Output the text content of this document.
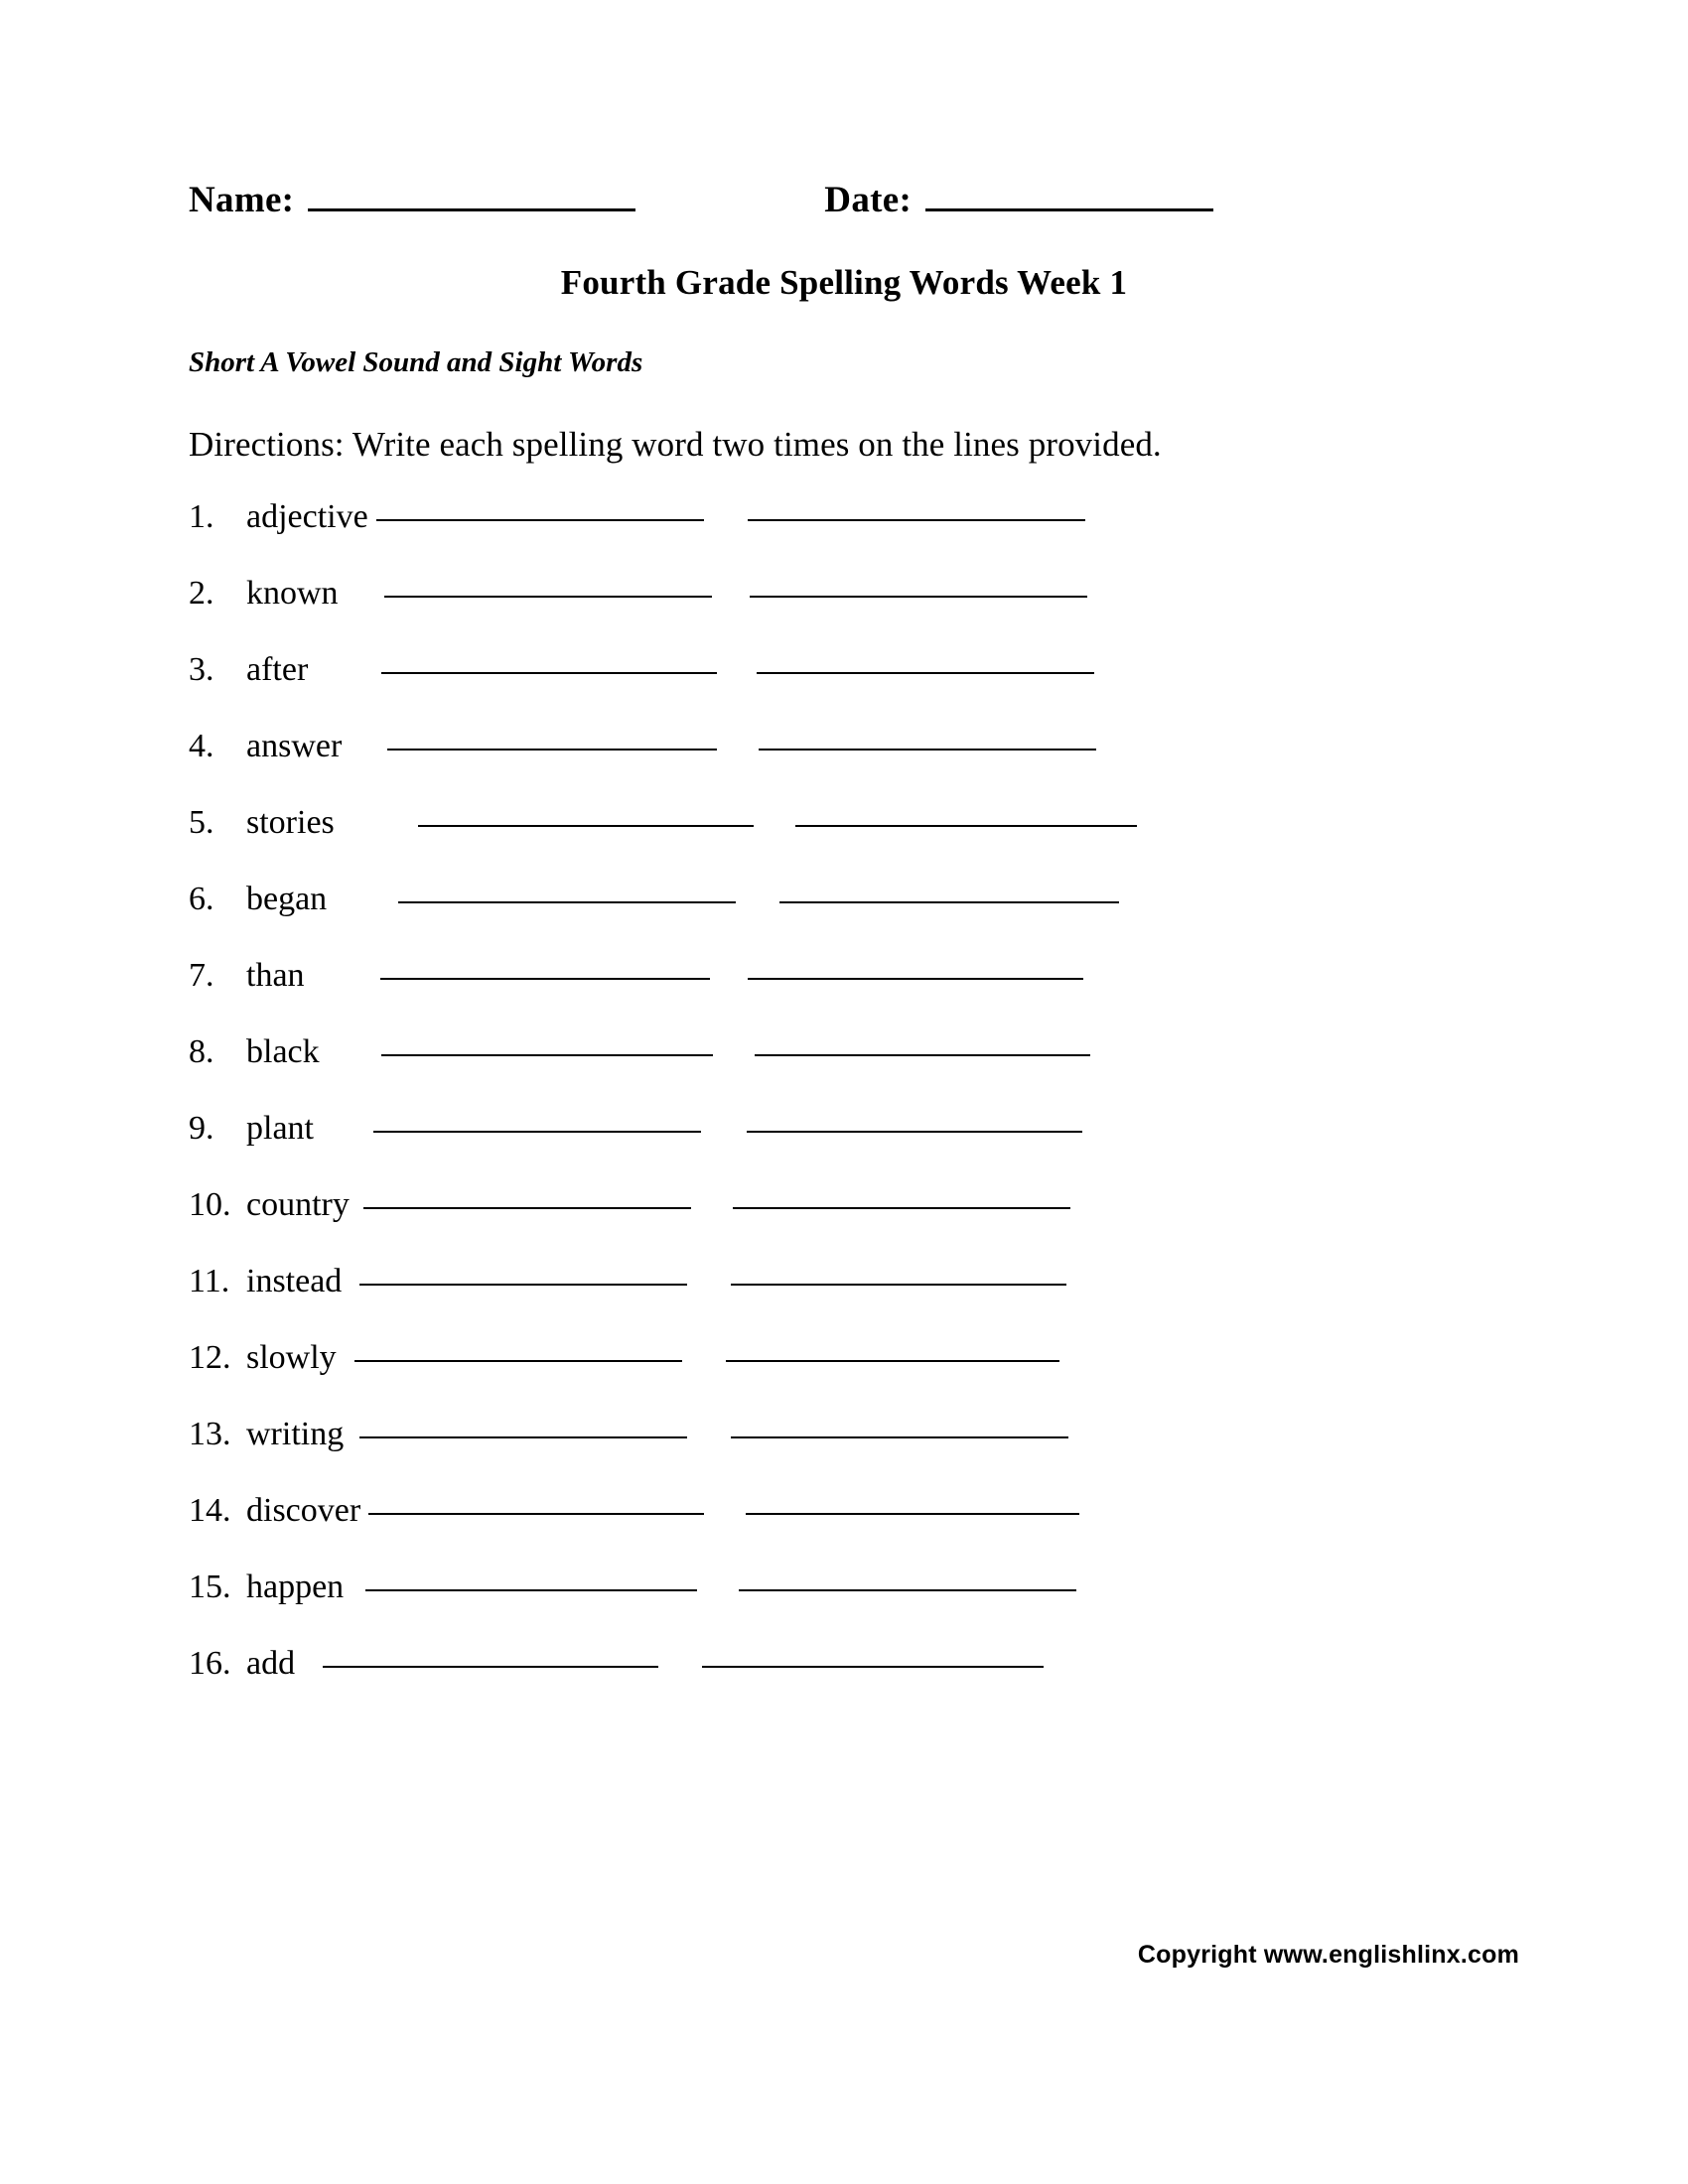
Name:	Date:
Fourth Grade Spelling Words Week 1
Short A Vowel Sound and Sight Words
Directions: Write each spelling word two times on the lines provided.
1. adjective
2. known
3. after
4. answer
5. stories
6. began
7. than
8. black
9. plant
10. country
11. instead
12. slowly
13. writing
14. discover
15. happen
16. add
Copyright www.englishlinx.com
